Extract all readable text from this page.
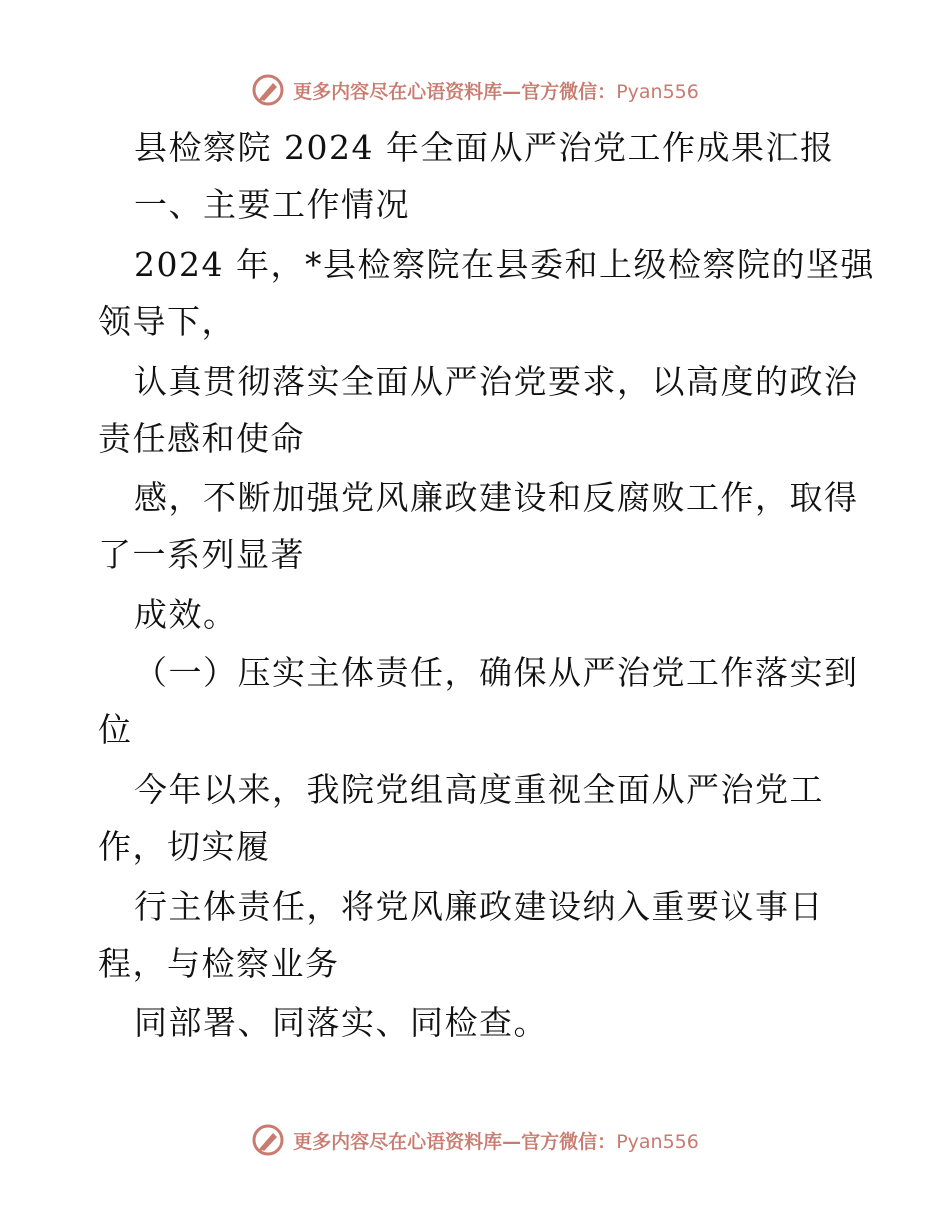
更多内容尽在心语资料库—官方微信：Pyan556
县检察院 2024 年全面从严治党工作成果汇报
一、主要工作情况
2024 年，*县检察院在县委和上级检察院的坚强
领导下，
认真贯彻落实全面从严治党要求，以高度的政治
责任感和使命
感，不断加强党风廉政建设和反腐败工作，取得
了一系列显著
成效。
（一）压实主体责任，确保从严治党工作落实到
位
今年以来，我院党组高度重视全面从严治党工
作，切实履
行主体责任，将党风廉政建设纳入重要议事日
程，与检察业务
同部署、同落实、同检查。
更多内容尽在心语资料库—官方微信：Pyan556
